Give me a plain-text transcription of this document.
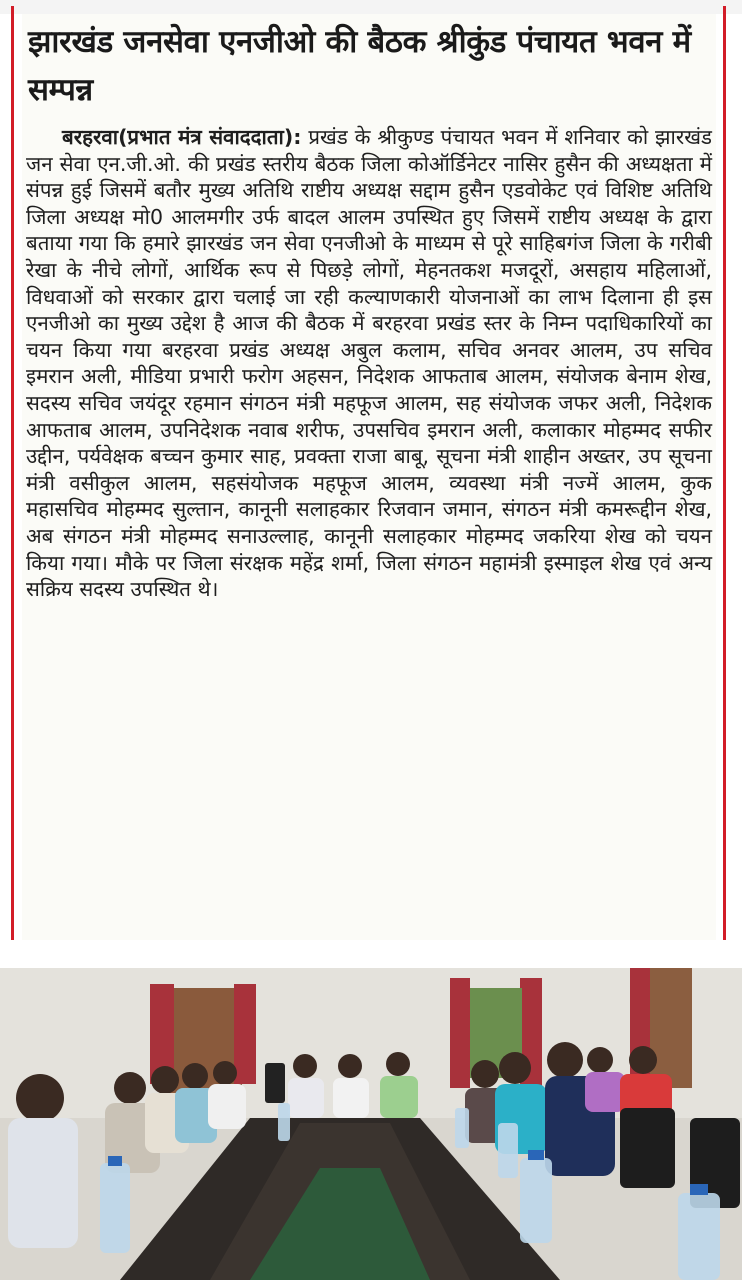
झारखंड जनसेवा एनजीओ की बैठक श्रीकुंड पंचायत भवन में सम्पन्न

बरहरवा(प्रभात मंत्र संवाददाता): प्रखंड के श्रीकुण्ड पंचायत भवन में शनिवार को झारखंड जन सेवा एन.जी.ओ. की प्रखंड स्तरीय बैठक जिला कोऑर्डिनेटर नासिर हुसैन की अध्यक्षता में संपन्न हुई जिसमें बतौर मुख्य अतिथि राष्टीय अध्यक्ष सद्दाम हुसैन एडवोकेट एवं विशिष्ट अतिथि जिला अध्यक्ष मो0 आलमगीर उर्फ बादल आलम उपस्थित हुए जिसमें राष्टीय अध्यक्ष के द्वारा बताया गया कि हमारे झारखंड जन सेवा एनजीओ के माध्यम से पूरे साहिबगंज जिला के गरीबी रेखा के नीचे लोगों, आर्थिक रूप से पिछड़े लोगों, मेहनतकश मजदूरों, असहाय महिलाओं, विधवाओं को सरकार द्वारा चलाई जा रही कल्याणकारी योजनाओं का लाभ दिलाना ही इस एनजीओ का मुख्य उद्देश है आज की बैठक में बरहरवा प्रखंड स्तर के निम्न पदाधिकारियों का चयन किया गया बरहरवा प्रखंड अध्यक्ष अबुल कलाम, सचिव अनवर आलम, उप सचिव इमरान अली, मीडिया प्रभारी फरोग अहसन, निदेशक आफताब आलम, संयोजक बेनाम शेख, सदस्य सचिव जयंदूर रहमान संगठन मंत्री महफूज आलम, सह संयोजक जफर अली, निदेशक आफताब आलम, उपनिदेशक नवाब शरीफ, उपसचिव इमरान अली, कलाकार मोहम्मद सफीर उद्दीन, पर्यवेक्षक बच्चन कुमार साह, प्रवक्ता राजा बाबू, सूचना मंत्री शाहीन अख्तर, उप सूचना मंत्री वसीकुल आलम, सहसंयोजक महफूज आलम, व्यवस्था मंत्री नज्में आलम, कुक महासचिव मोहम्मद सुल्तान, कानूनी सलाहकार रिजवान जमान, संगठन मंत्री कमरूद्दीन शेख, अब संगठन मंत्री मोहम्मद सनाउल्लाह, कानूनी सलाहकार मोहम्मद जकरिया शेख को चयन किया गया। मौके पर जिला संरक्षक महेंद्र शर्मा, जिला संगठन महामंत्री इस्माइल शेख एवं अन्य सक्रिय सदस्य उपस्थित थे।
